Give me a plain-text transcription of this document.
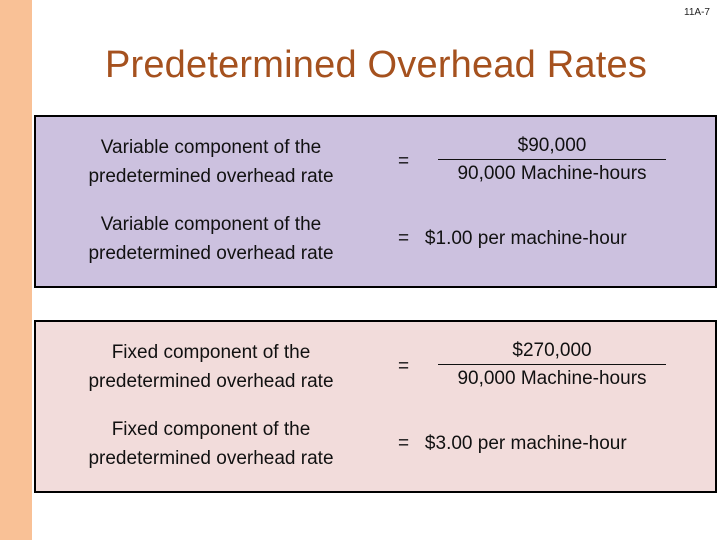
11A-7
Predetermined Overhead Rates
Variable component of the
predetermined overhead rate
=
$90,000
90,000 Machine-hours
Variable component of the
predetermined overhead rate
=   $1.00 per machine-hour
Fixed component of the
predetermined overhead rate
=
$270,000
90,000 Machine-hours
Fixed component of the
predetermined overhead rate
=   $3.00 per machine-hour
